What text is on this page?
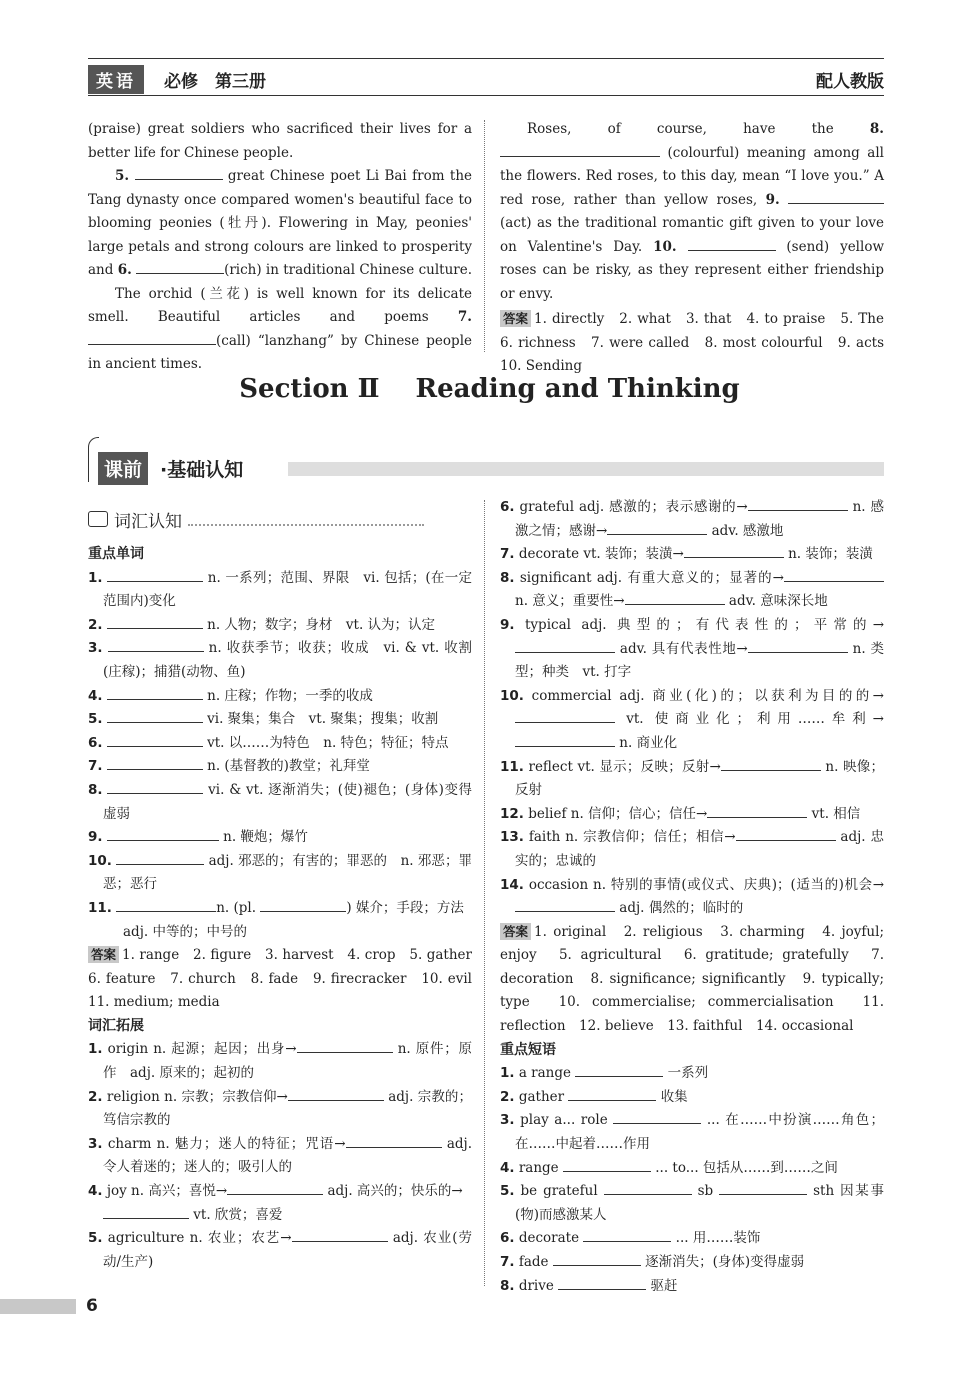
英语	必修　第三册	配人教版

(praise) great soldiers who sacrificed their lives for a better life for Chinese people.

5.	great Chinese poet Li Bai from the Tang dynasty once compared women's beautiful face to blooming peonies (牡丹). Flowering in May, peonies' large petals and strong colours are linked to prosperity and 6.	(rich) in traditional Chinese culture.

The orchid (兰花) is well known for its delicate smell. Beautiful articles and poems 7. (call) “lanzhang” by Chinese people in ancient times.

Roses, of course, have the	8.  (colourful) meaning among all the flowers. Red roses, to this day, mean “I love you.” A red rose, rather than yellow roses, 9. (act) as the traditional romantic gift given to your love on Valentine's Day. 10.	(send) yellow roses can be risky, as they represent either friendship or envy.

答案 1. directly　2. what　3. that　4. to praise　5. The　6. richness　7. were called　8. most colourful　9. acts　10. Sending

Section Ⅱ Reading and Thinking
课前 ·基础认知
词汇认知

重点单词

1.	n. 一系列；范围、界限　vi. 包括；(在一定范围内)变化

2.	n. 人物；数字；身材　vt. 认为；认定

3.	n. 收获季节；收获；收成　vi. & vt. 收割(庄稼)；捕猎(动物、鱼)

4.	n. 庄稼；作物；一季的收成

5.	vi. 聚集；集合　vt. 聚集；搜集；收割

6.	vt. 以……为特色　n. 特色；特征；特点

7.	n. (基督教的)教堂；礼拜堂

8.	vi. & vt. 逐渐消失；(使)褪色；(身体)变得虚弱

9.	n. 鞭炮；爆竹

10.	adj. 邪恶的；有害的；罪恶的　n. 邪恶；罪恶；恶行

11.	n. (pl.	) 媒介；手段；方法
adj. 中等的；中号的

答案 1. range　2. figure　3. harvest　4. crop　5. gather　6. feature　7. church　8. fade　9. firecracker　10. evil　11. medium; media

词汇拓展

1. origin n. 起源；起因；出身→	n. 原件；原作　adj. 原来的；起初的

2. religion n. 宗教；宗教信仰→	adj. 宗教的；笃信宗教的

3. charm n. 魅力；迷人的特征；咒语→	adj. 令人着迷的；迷人的；吸引人的

4. joy n. 高兴；喜悦→	adj. 高兴的；快乐的→
vt. 欣赏；喜爱

5. agriculture n. 农业；农艺→	adj. 农业(劳动/生产)

6. grateful adj. 感激的；表示感谢的→	n. 感激之情；感谢→	adv. 感激地

7. decorate vt. 装饰；装潢→	n. 装饰；装潢

8. significant adj. 有重大意义的；显著的→ n. 意义；重要性→	adv. 意味深长地

9. typical adj. 典型的；有代表性的；平常的→ adv. 具有代表性地→	n. 类型；种类　vt. 打字

10. commercial adj. 商业(化)的；以获利为目的的→ vt. 使商业化；利用……牟利→ n. 商业化

11. reflect vt. 显示；反映；反射→	n. 映像；反射

12. belief n. 信仰；信心；信任→	vt. 相信

13. faith n. 宗教信仰；信任；相信→	adj. 忠实的；忠诚的

14. occasion n. 特别的事情(或仪式、庆典)；(适当的)机会→ adj. 偶然的；临时的

答案 1. original　2. religious　3. charming　4. joyful; enjoy　5. agricultural　6. gratitude; gratefully　7. decoration　8. significance; significantly　9. typically; type　10. commercialise; commercialisation　11. reflection　12. believe　13. faithful　14. occasional

重点短语

1. a range	一系列

2. gather	收集

3. play a... role	... 在……中扮演……角色；在……中起着……作用

4. range	... to... 包括从……到……之间

5. be grateful	sb	sth 因某事(物)而感激某人

6. decorate	... 用……装饰

7. fade	逐渐消失；(身体)变得虚弱

8. drive	驱赶

6
